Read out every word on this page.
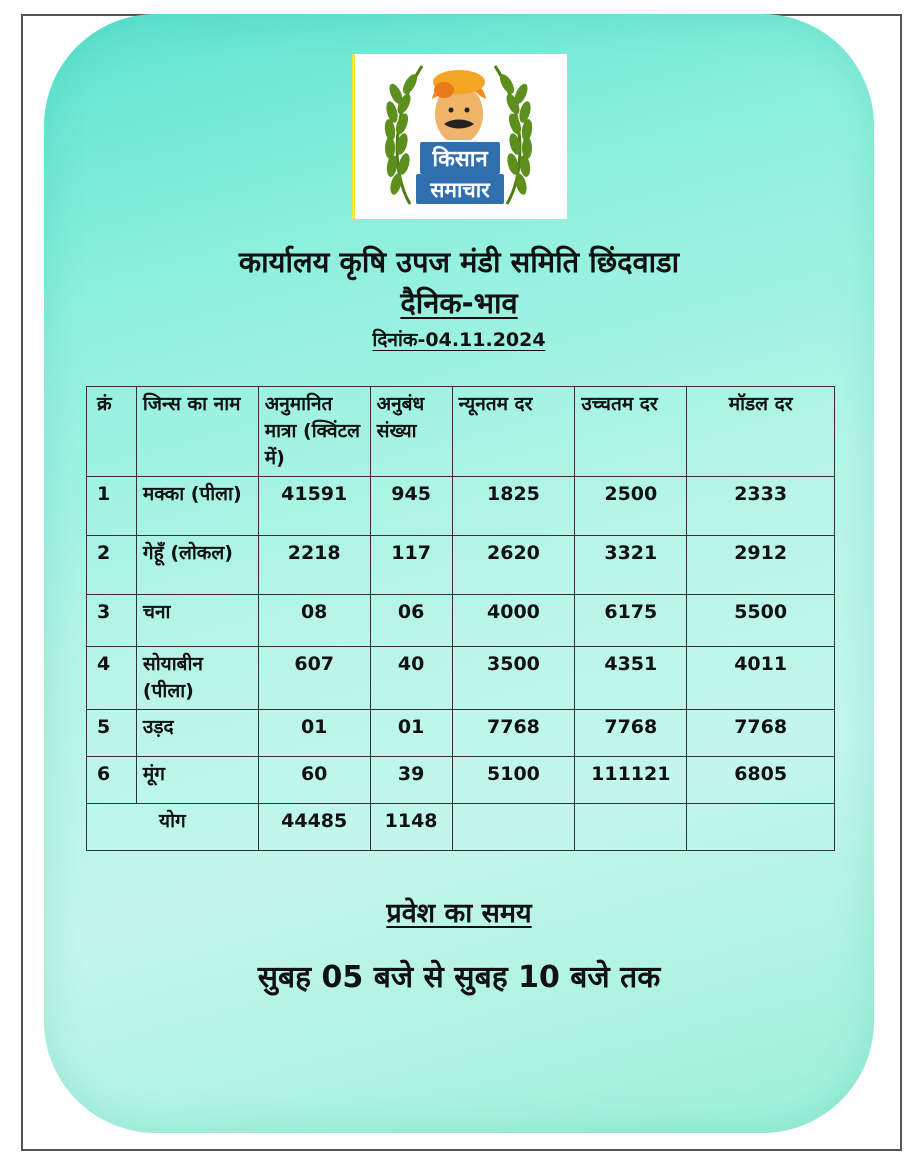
किसान
समाचार
कार्यालय कृषि उपज मंडी समिति छिंदवाडा
दैनिक-भाव
दिनांक-04.11.2024
क्रं	जिन्स का नाम	अनुमानित मात्रा (क्विंटल में)	अनुबंध संख्या	न्यूनतम दर	उच्चतम दर	मॉडल दर
1	मक्का (पीला)	41591	945	1825	2500	2333
2	गेहूँ (लोकल)	2218	117	2620	3321	2912
3	चना	08	06	4000	6175	5500
4	सोयाबीन (पीला)	607	40	3500	4351	4011
5	उड़द	01	01	7768	7768	7768
6	मूंग	60	39	5100	111121	6805
योग		44485	1148			
प्रवेश का समय
सुबह 05 बजे से सुबह 10 बजे तक
